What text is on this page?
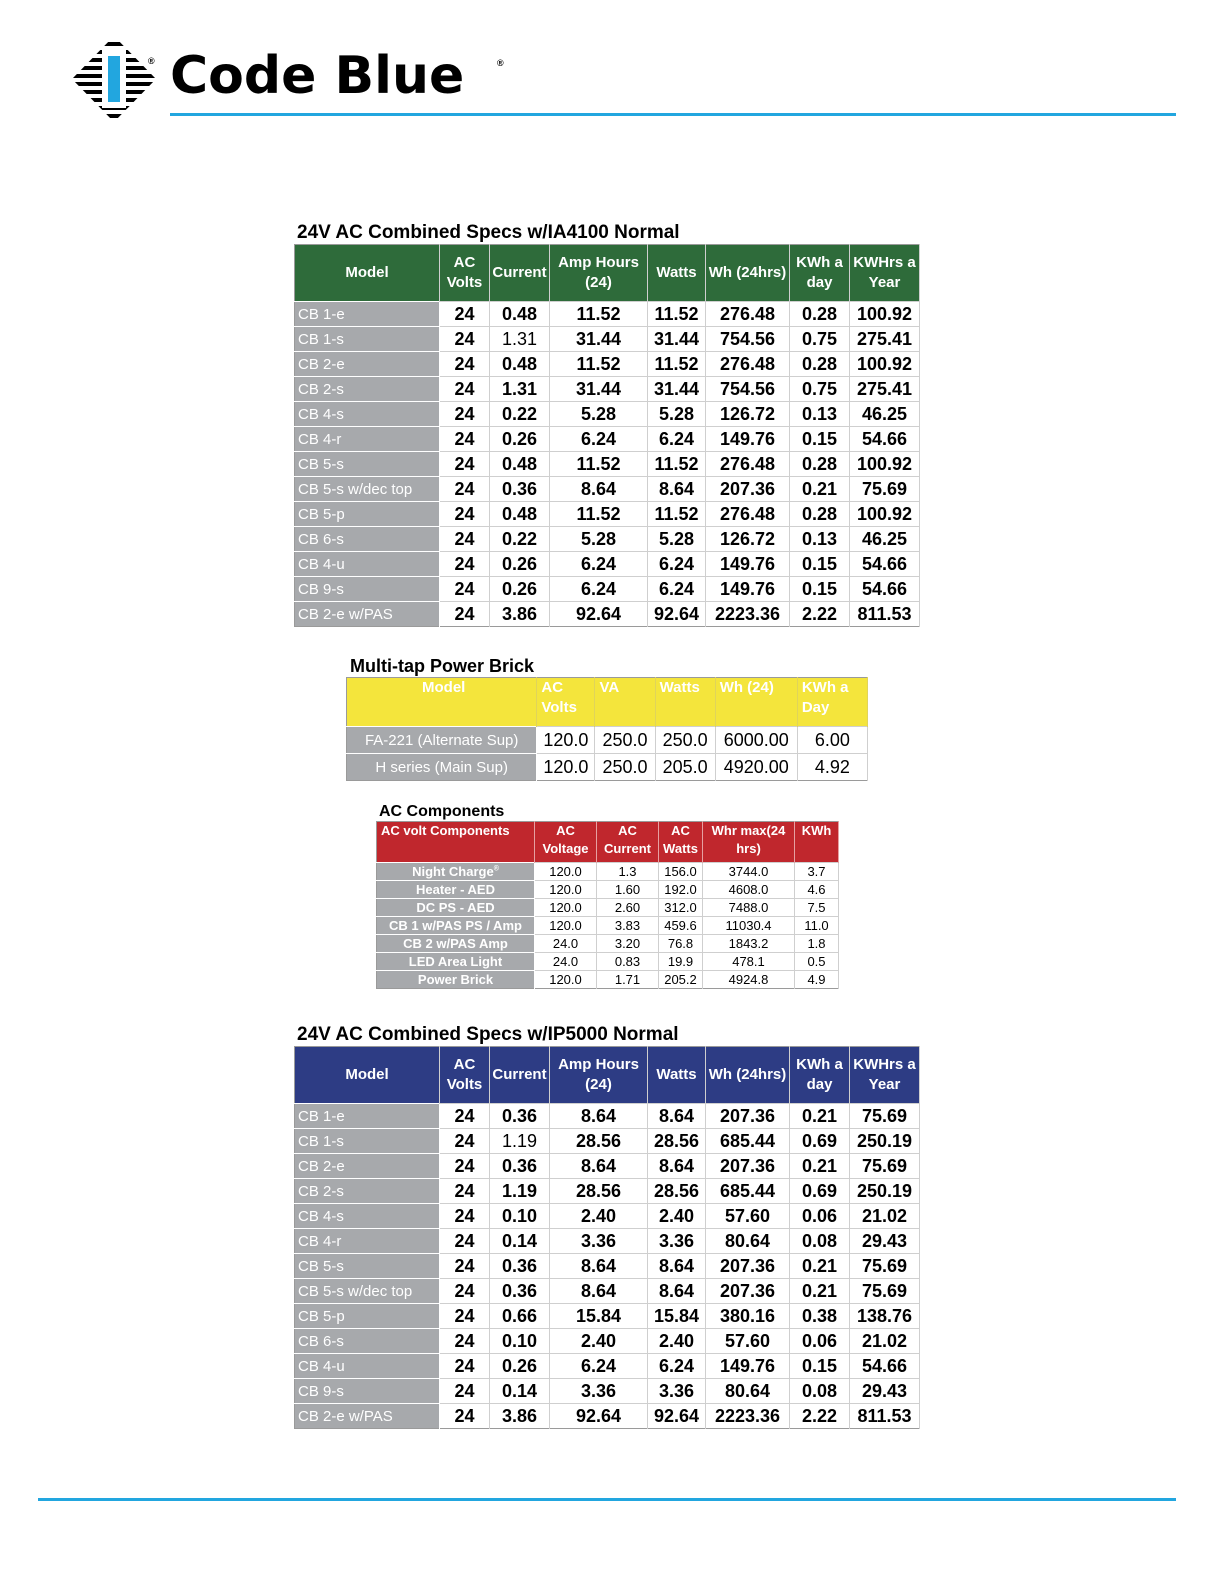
® Code Blue	®
24V AC Combined Specs w/IA4100 Normal
Model	AC Volts	Current	Amp Hours (24)	Watts	Wh (24hrs)	KWh a day	KWHrs a Year
CB 1-e	24	0.48	11.52	11.52	276.48	0.28	100.92
CB 1-s	24	1.31	31.44	31.44	754.56	0.75	275.41
CB 2-e	24	0.48	11.52	11.52	276.48	0.28	100.92
CB 2-s	24	1.31	31.44	31.44	754.56	0.75	275.41
CB 4-s	24	0.22	5.28	5.28	126.72	0.13	46.25
CB 4-r	24	0.26	6.24	6.24	149.76	0.15	54.66
CB 5-s	24	0.48	11.52	11.52	276.48	0.28	100.92
CB 5-s w/dec top	24	0.36	8.64	8.64	207.36	0.21	75.69
CB 5-p	24	0.48	11.52	11.52	276.48	0.28	100.92
CB 6-s	24	0.22	5.28	5.28	126.72	0.13	46.25
CB 4-u	24	0.26	6.24	6.24	149.76	0.15	54.66
CB 9-s	24	0.26	6.24	6.24	149.76	0.15	54.66
CB 2-e w/PAS	24	3.86	92.64	92.64	2223.36	2.22	811.53
Multi-tap Power Brick
Model	AC Volts	VA	Watts	Wh (24)	KWh a Day
FA-221 (Alternate Sup)	120.0	250.0	250.0	6000.00	6.00
H series (Main Sup)	120.0	250.0	205.0	4920.00	4.92
AC Components
AC volt Components	AC Voltage	AC Current	AC Watts	Whr max(24 hrs)	KWh
Night Charge®	120.0	1.3	156.0	3744.0	3.7
Heater - AED	120.0	1.60	192.0	4608.0	4.6
DC PS - AED	120.0	2.60	312.0	7488.0	7.5
CB 1 w/PAS PS / Amp	120.0	3.83	459.6	11030.4	11.0
CB 2 w/PAS Amp	24.0	3.20	76.8	1843.2	1.8
LED Area Light	24.0	0.83	19.9	478.1	0.5
Power Brick	120.0	1.71	205.2	4924.8	4.9
24V AC Combined Specs w/IP5000 Normal
Model	AC Volts	Current	Amp Hours (24)	Watts	Wh (24hrs)	KWh a day	KWHrs a Year
CB 1-e	24	0.36	8.64	8.64	207.36	0.21	75.69
CB 1-s	24	1.19	28.56	28.56	685.44	0.69	250.19
CB 2-e	24	0.36	8.64	8.64	207.36	0.21	75.69
CB 2-s	24	1.19	28.56	28.56	685.44	0.69	250.19
CB 4-s	24	0.10	2.40	2.40	57.60	0.06	21.02
CB 4-r	24	0.14	3.36	3.36	80.64	0.08	29.43
CB 5-s	24	0.36	8.64	8.64	207.36	0.21	75.69
CB 5-s w/dec top	24	0.36	8.64	8.64	207.36	0.21	75.69
CB 5-p	24	0.66	15.84	15.84	380.16	0.38	138.76
CB 6-s	24	0.10	2.40	2.40	57.60	0.06	21.02
CB 4-u	24	0.26	6.24	6.24	149.76	0.15	54.66
CB 9-s	24	0.14	3.36	3.36	80.64	0.08	29.43
CB 2-e w/PAS	24	3.86	92.64	92.64	2223.36	2.22	811.53
